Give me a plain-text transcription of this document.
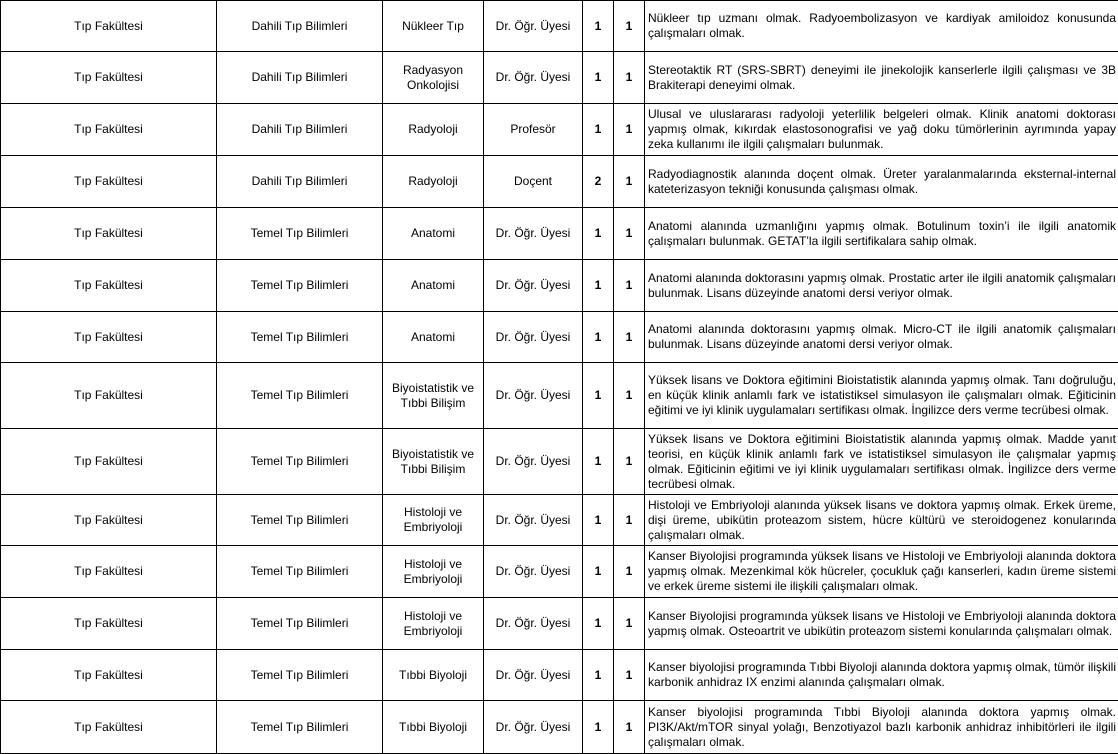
Tıp Fakültesi	Dahili Tıp Bilimleri	Nükleer Tıp	Dr. Öğr. Üyesi	1	1	Nükleer tıp uzmanı olmak. Radyoembolizasyon ve kardiyak amiloidoz konusunda çalışmaları olmak.
Tıp Fakültesi	Dahili Tıp Bilimleri	Radyasyon Onkolojisi	Dr. Öğr. Üyesi	1	1	Stereotaktik RT (SRS-SBRT) deneyimi ile jinekolojik kanserlerle ilgili çalışması ve 3B Brakiterapi deneyimi olmak.
Tıp Fakültesi	Dahili Tıp Bilimleri	Radyoloji	Profesör	1	1	Ulusal ve uluslararası radyoloji yeterlilik belgeleri olmak. Klinik anatomi doktorası yapmış olmak, kıkırdak elastosonografisi ve yağ doku tümörlerinin ayrımında yapay zeka kullanımı ile ilgili çalışmaları bulunmak.
Tıp Fakültesi	Dahili Tıp Bilimleri	Radyoloji	Doçent	2	1	Radyodiagnostik alanında doçent olmak. Üreter yaralanmalarında eksternal-internal kateterizasyon tekniği konusunda çalışması olmak.
Tıp Fakültesi	Temel Tıp Bilimleri	Anatomi	Dr. Öğr. Üyesi	1	1	Anatomi alanında uzmanlığını yapmış olmak. Botulinum toxin’i ile ilgili anatomik çalışmaları bulunmak. GETAT’la ilgili sertifikalara sahip olmak.
Tıp Fakültesi	Temel Tıp Bilimleri	Anatomi	Dr. Öğr. Üyesi	1	1	Anatomi alanında doktorasını yapmış olmak. Prostatic arter ile ilgili anatomik çalışmaları bulunmak. Lisans düzeyinde anatomi dersi veriyor olmak.
Tıp Fakültesi	Temel Tıp Bilimleri	Anatomi	Dr. Öğr. Üyesi	1	1	Anatomi alanında doktorasını yapmış olmak. Micro-CT ile ilgili anatomik çalışmaları bulunmak. Lisans düzeyinde anatomi dersi veriyor olmak.
Tıp Fakültesi	Temel Tıp Bilimleri	Biyoistatistik ve Tıbbi Bilişim	Dr. Öğr. Üyesi	1	1	Yüksek lisans ve Doktora eğitimini Bioistatistik alanında yapmış olmak. Tanı doğruluğu, en küçük klinik anlamlı fark ve istatistiksel simulasyon ile çalışmaları olmak. Eğiticinin eğitimi ve iyi klinik uygulamaları sertifikası olmak. İngilizce ders verme tecrübesi olmak.
Tıp Fakültesi	Temel Tıp Bilimleri	Biyoistatistik ve Tıbbi Bilişim	Dr. Öğr. Üyesi	1	1	Yüksek lisans ve Doktora eğitimini Bioistatistik alanında yapmış olmak. Madde yanıt teorisi, en küçük klinik anlamlı fark ve istatistiksel simulasyon ile çalışmalar yapmış olmak. Eğiticinin eğitimi ve iyi klinik uygulamaları sertifikası olmak. İngilizce ders verme tecrübesi olmak.
Tıp Fakültesi	Temel Tıp Bilimleri	Histoloji ve Embriyoloji	Dr. Öğr. Üyesi	1	1	Histoloji ve Embriyoloji alanında yüksek lisans ve doktora yapmış olmak. Erkek üreme, dişi üreme, ubikütin proteazom sistem, hücre kültürü ve steroidogenez konularında çalışmaları olmak.
Tıp Fakültesi	Temel Tıp Bilimleri	Histoloji ve Embriyoloji	Dr. Öğr. Üyesi	1	1	Kanser Biyolojisi programında yüksek lisans ve Histoloji ve Embriyoloji alanında doktora yapmış olmak. Mezenkimal kök hücreler, çocukluk çağı kanserleri, kadın üreme sistemi ve erkek üreme sistemi ile ilişkili çalışmaları olmak.
Tıp Fakültesi	Temel Tıp Bilimleri	Histoloji ve Embriyoloji	Dr. Öğr. Üyesi	1	1	Kanser Biyolojisi programında yüksek lisans ve Histoloji ve Embriyoloji alanında doktora yapmış olmak. Osteoartrit ve ubikütin proteazom sistemi konularında çalışmaları olmak.
Tıp Fakültesi	Temel Tıp Bilimleri	Tıbbi Biyoloji	Dr. Öğr. Üyesi	1	1	Kanser biyolojisi programında Tıbbi Biyoloji alanında doktora yapmış olmak, tümör ilişkili karbonik anhidraz IX enzimi alanında çalışmaları olmak.
Tıp Fakültesi	Temel Tıp Bilimleri	Tıbbi Biyoloji	Dr. Öğr. Üyesi	1	1	Kanser biyolojisi programında Tıbbi Biyoloji alanında doktora yapmış olmak. PI3K/Akt/mTOR sinyal yolağı, Benzotiyazol bazlı karbonik anhidraz inhibitörleri ile ilgili çalışmaları olmak.
